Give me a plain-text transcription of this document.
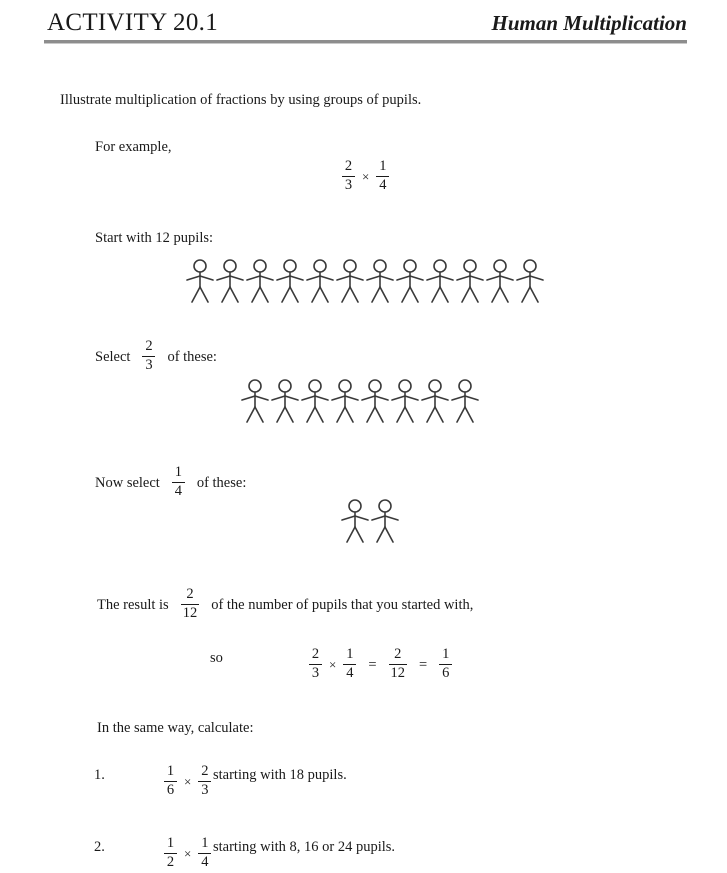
ACTIVITY 20.1	Human Multiplication
Illustrate multiplication of fractions by using groups of pupils.
For example,
$\frac{2}{3} \times \frac{1}{4}$
Start with 12 pupils:
Select $\frac{2}{3}$ of these:
Now select $\frac{1}{4}$ of these:
The result is $\frac{2}{12}$ of the number of pupils that you started with,
so	$\frac{2}{3} \times \frac{1}{4} = \frac{2}{12} = \frac{1}{6}$
In the same way, calculate:
1.	$\frac{1}{6} \times \frac{2}{3}$ starting with 18 pupils.
2.	$\frac{1}{2} \times \frac{1}{4}$ starting with 8, 16 or 24 pupils.
